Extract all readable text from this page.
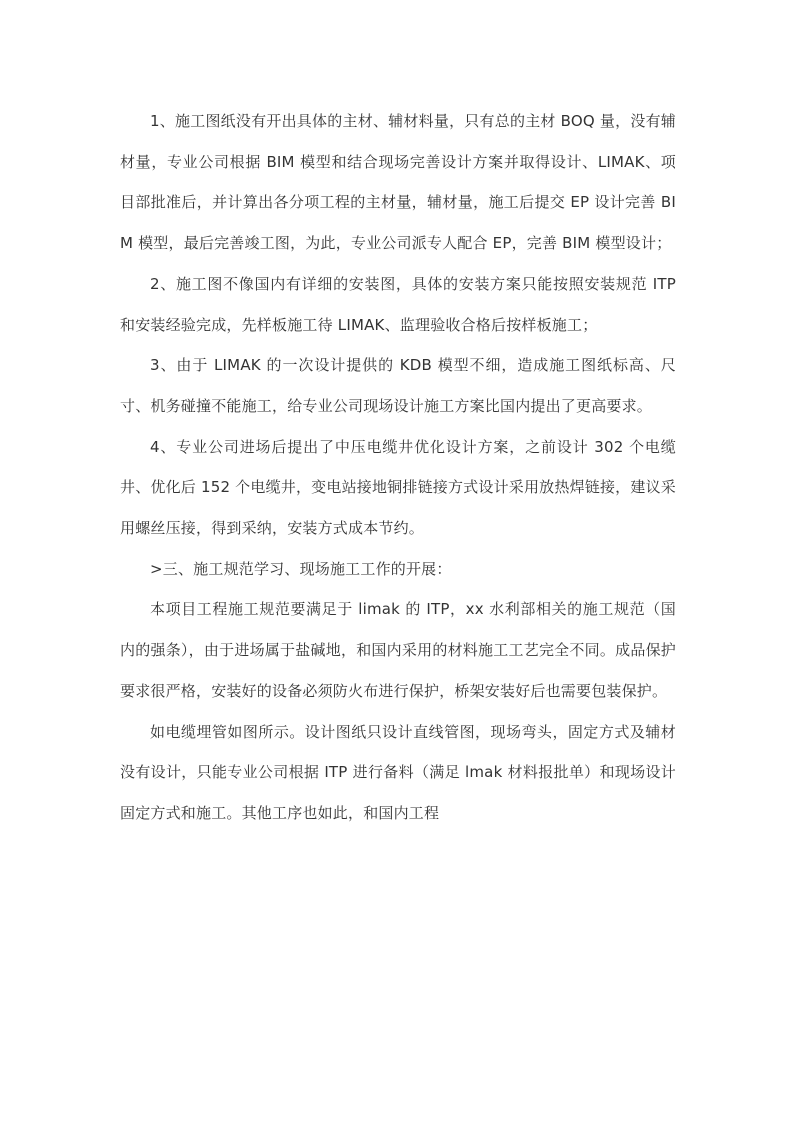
1、施工图纸没有开出具体的主材、辅材料量，只有总的主材 BOQ 量，没有辅材量，专业公司根据 BIM 模型和结合现场完善设计方案并取得设计、LIMAK、项目部批准后，并计算出各分项工程的主材量，辅材量，施工后提交 EP 设计完善 BIM 模型，最后完善竣工图，为此，专业公司派专人配合 EP，完善 BIM 模型设计；

2、施工图不像国内有详细的安装图，具体的安装方案只能按照安装规范 ITP 和安装经验完成，先样板施工待 LIMAK、监理验收合格后按样板施工；

3、由于 LIMAK 的一次设计提供的 KDB 模型不细，造成施工图纸标高、尺寸、机务碰撞不能施工，给专业公司现场设计施工方案比国内提出了更高要求。

4、专业公司进场后提出了中压电缆井优化设计方案，之前设计 302 个电缆井、优化后 152 个电缆井，变电站接地铜排链接方式设计采用放热焊链接，建议采用螺丝压接，得到采纳，安装方式成本节约。

>三、施工规范学习、现场施工工作的开展：

本项目工程施工规范要满足于 limak 的 ITP，xx 水利部相关的施工规范（国内的强条），由于进场属于盐碱地，和国内采用的材料施工工艺完全不同。成品保护要求很严格，安装好的设备必须防火布进行保护，桥架安装好后也需要包装保护。

如电缆埋管如图所示。设计图纸只设计直线管图，现场弯头，固定方式及辅材没有设计，只能专业公司根据 ITP 进行备料（满足 lmak 材料报批单）和现场设计固定方式和施工。其他工序也如此，和国内工程
